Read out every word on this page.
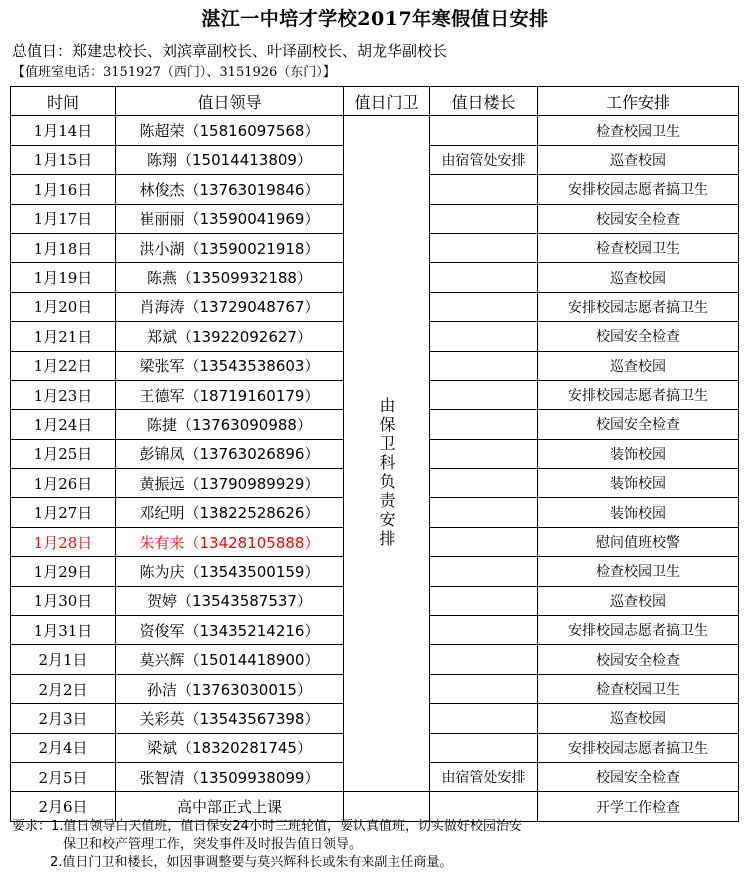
湛江一中培才学校2017年寒假值日安排
总值日：郑建忠校长、刘滨章副校长、叶译副校长、胡龙华副校长
【值班室电话：3151927（西门）、3151926（东门）】
时间	值日领导	值日门卫	值日楼长	工作安排
1月14日	陈超荣（15816097568）	由保卫科负责安排		检查校园卫生
1月15日	陈翔（15014413809）		由宿管处安排	巡查校园
1月16日	林俊杰（13763019846）			安排校园志愿者搞卫生
1月17日	崔丽丽（13590041969）			校园安全检查
1月18日	洪小湖（13590021918）			检查校园卫生
1月19日	陈燕（13509932188）			巡查校园
1月20日	肖海涛（13729048767）			安排校园志愿者搞卫生
1月21日	郑斌（13922092627）			校园安全检查
1月22日	梁张军（13543538603）			巡查校园
1月23日	王德军（18719160179）			安排校园志愿者搞卫生
1月24日	陈捷（13763090988）			校园安全检查
1月25日	彭锦凤（13763026896）			装饰校园
1月26日	黄振远（13790989929）			装饰校园
1月27日	邓纪明（13822528626）			装饰校园
1月28日	朱有来（13428105888）			慰问值班校警
1月29日	陈为庆（13543500159）			检查校园卫生
1月30日	贺婷（13543587537）			巡查校园
1月31日	资俊军（13435214216）			安排校园志愿者搞卫生
2月1日	莫兴辉（15014418900）			校园安全检查
2月2日	孙洁（13763030015）			检查校园卫生
2月3日	关彩英（13543567398）			巡查校园
2月4日	梁斌（18320281745）			安排校园志愿者搞卫生
2月5日	张智清（13509938099）		由宿管处安排	校园安全检查
2月6日	高中部正式上课			开学工作检查
要求：1.值日领导白天值班，值日保安24小时三班轮值，要认真值班，切实做好校园治安
保卫和校产管理工作，突发事件及时报告值日领导。
2.值日门卫和楼长，如因事调整要与莫兴辉科长或朱有来副主任商量。
